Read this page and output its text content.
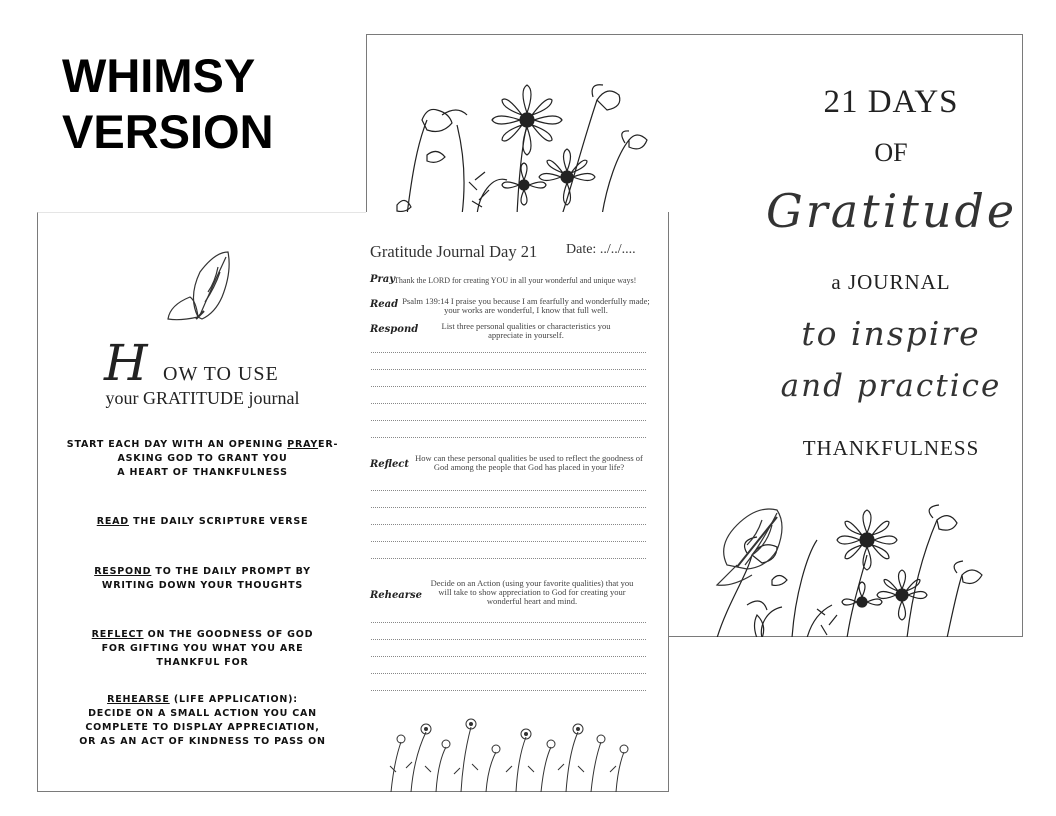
WHIMSY
VERSION
21 DAYS
OF
Gratitude
a JOURNAL
to inspire
and practice
THANKFULNESS
Gratitude Journal Day 21 Date: ../../....
Pray
Thank the LORD for creating YOU in all your wonderful and unique ways!
Read Psalm 139:14 I praise you because I am fearfully and wonderfully made;
your works are wonderful, I know that full well.
Respond	List three personal qualities or characteristics you
appreciate in yourself.
Reflect
How can these personal qualities be used to reflect the goodness of
God among the people that God has placed in your life?
Rehearse
Decide on an Action (using your favorite qualities) that you
will take to show appreciation to God for creating your
wonderful heart and mind.
H OW TO USE
your GRATITUDE journal
START EACH DAY WITH AN OPENING PRAYER-
ASKING GOD TO GRANT YOU
A HEART OF THANKFULNESS
READ THE DAILY SCRIPTURE VERSE
RESPOND TO THE DAILY PROMPT BY
WRITING DOWN YOUR THOUGHTS
REFLECT ON THE GOODNESS OF GOD
FOR GIFTING YOU WHAT YOU ARE
THANKFUL FOR
REHEARSE (LIFE APPLICATION):
DECIDE ON A SMALL ACTION YOU CAN
COMPLETE TO DISPLAY APPRECIATION,
OR AS AN ACT OF KINDNESS TO PASS ON
